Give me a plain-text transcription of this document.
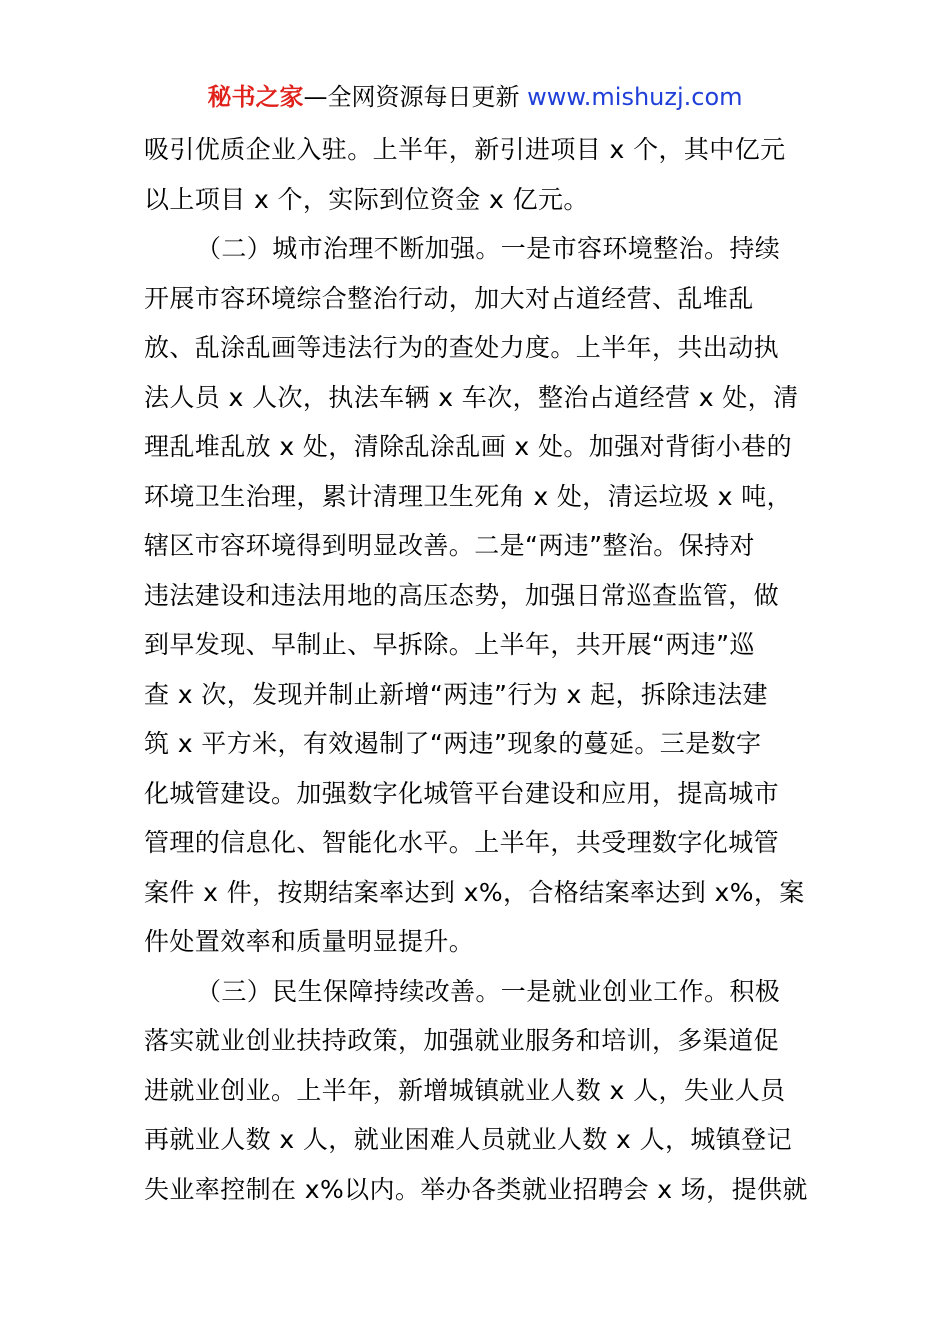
秘书之家—全网资源每日更新 www.mishuzj.com
吸引优质企业入驻。上半年，新引进项目 x 个，其中亿元
以上项目 x 个，实际到位资金 x 亿元。
（二）城市治理不断加强。一是市容环境整治。持续
开展市容环境综合整治行动，加大对占道经营、乱堆乱
放、乱涂乱画等违法行为的查处力度。上半年，共出动执
法人员 x 人次，执法车辆 x 车次，整治占道经营 x 处，清
理乱堆乱放 x 处，清除乱涂乱画 x 处。加强对背街小巷的
环境卫生治理，累计清理卫生死角 x 处，清运垃圾 x 吨，
辖区市容环境得到明显改善。二是“两违”整治。保持对
违法建设和违法用地的高压态势，加强日常巡查监管，做
到早发现、早制止、早拆除。上半年，共开展“两违”巡
查 x 次，发现并制止新增“两违”行为 x 起，拆除违法建
筑 x 平方米，有效遏制了“两违”现象的蔓延。三是数字
化城管建设。加强数字化城管平台建设和应用，提高城市
管理的信息化、智能化水平。上半年，共受理数字化城管
案件 x 件，按期结案率达到 x%，合格结案率达到 x%，案
件处置效率和质量明显提升。
（三）民生保障持续改善。一是就业创业工作。积极
落实就业创业扶持政策，加强就业服务和培训，多渠道促
进就业创业。上半年，新增城镇就业人数 x 人，失业人员
再就业人数 x 人，就业困难人员就业人数 x 人，城镇登记
失业率控制在 x%以内。举办各类就业招聘会 x 场，提供就
